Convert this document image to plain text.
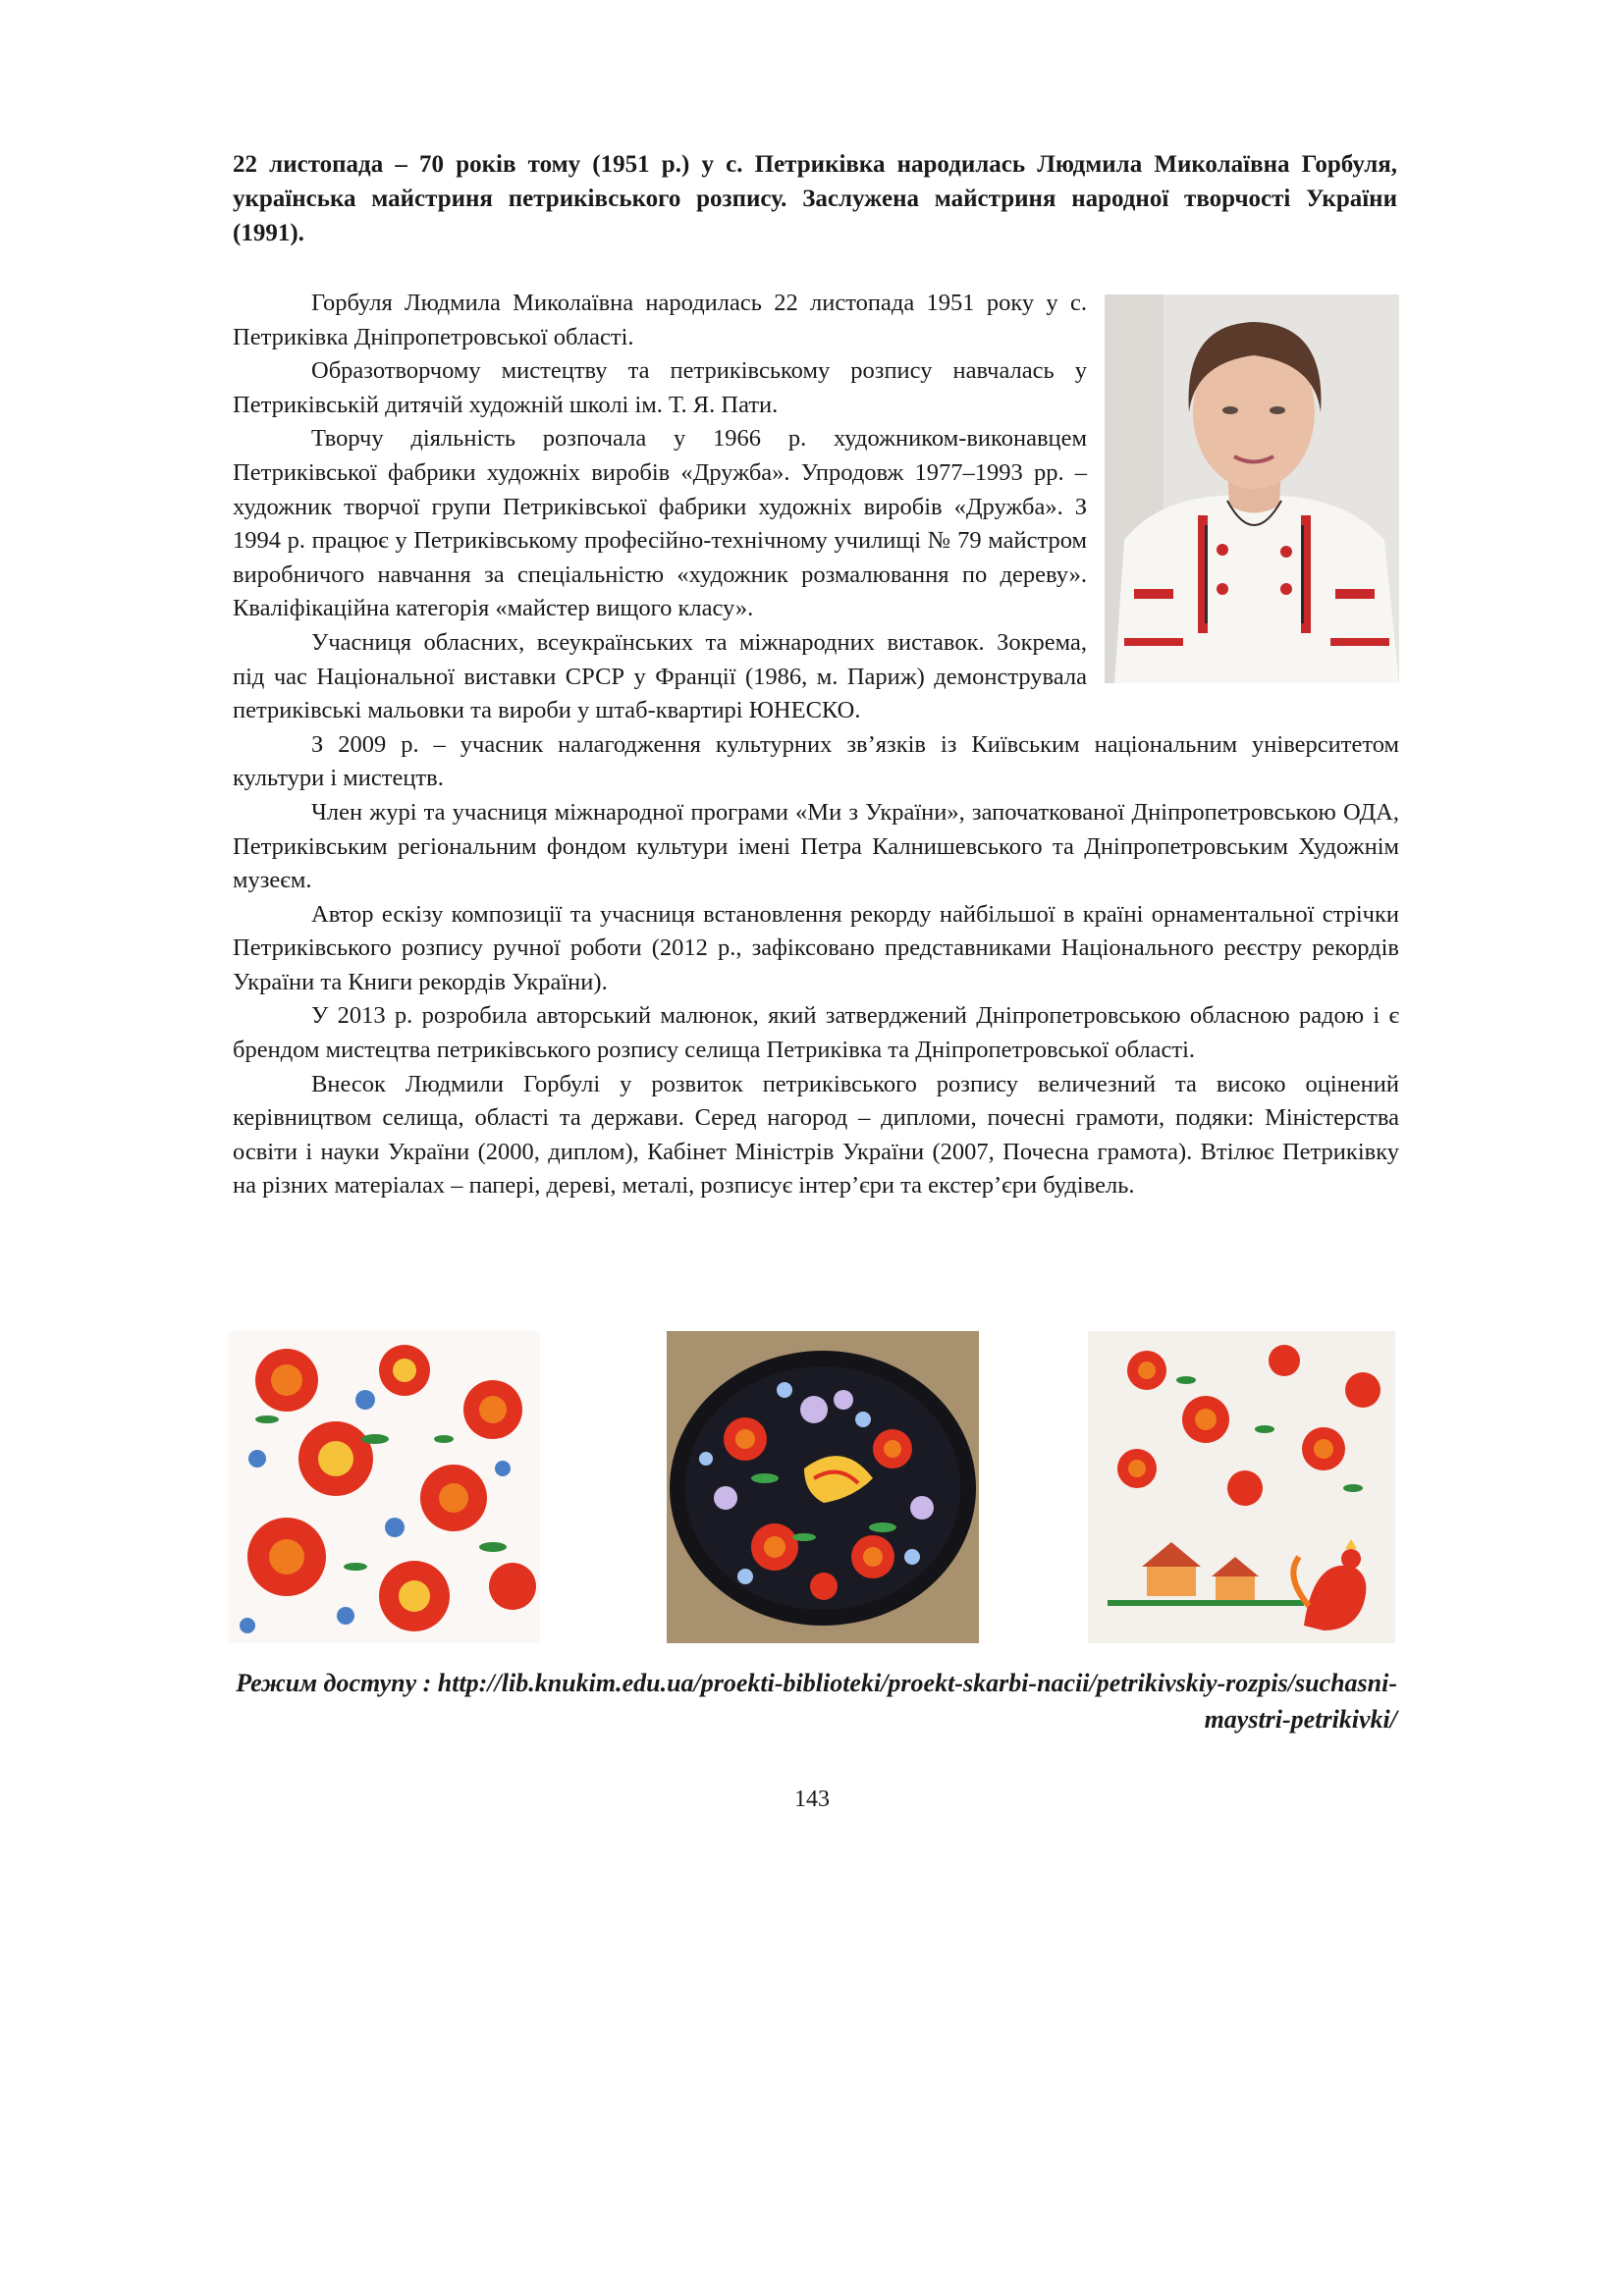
22 листопада – 70 років тому (1951 р.) у с. Петриківка народилась Людмила Миколаївна Горбуля, українська майстриня петриківського розпису. Заслужена майстриня народної творчості України (1991).

Горбуля Людмила Миколаївна народилась 22 листопада 1951 року у с. Петриківка Дніпропетровської області.

Образотворчому мистецтву та петриківському розпису навчалась у Петриківській дитячій художній школі ім. Т. Я. Пати.

Творчу діяльність розпочала у 1966 р. художником-виконавцем Петриківської фабрики художніх виробів «Дружба». Упродовж 1977–1993 рр. – художник творчої групи Петриківської фабрики художніх виробів «Дружба». З 1994 р. працює у Петриківському професійно-технічному училищі № 79 майстром виробничого навчання за спеціальністю «художник розмалювання по дереву». Кваліфікаційна категорія «майстер вищого класу».

Учасниця обласних, всеукраїнських та міжнародних виставок. Зокрема, під час Національної виставки СРСР у Франції (1986, м. Париж) демонструвала петриківські мальовки та вироби у штаб-квартирі ЮНЕСКО.

З 2009 р. – учасник налагодження культурних зв’язків із Київським національним університетом культури і мистецтв.

Член журі та учасниця міжнародної програми «Ми з України», започаткованої Дніпропетровською ОДА, Петриківським регіональним фондом культури імені Петра Калнишевського та Дніпропетровським Художнім музеєм.

Автор ескізу композиції та учасниця встановлення рекорду найбільшої в країні орнаментальної стрічки Петриківського розпису ручної роботи (2012 р., зафіксовано представниками Національного реєстру рекордів України та Книги рекордів України).

У 2013 р. розробила авторський малюнок, який затверджений Дніпропетровською обласною радою і є брендом мистецтва петриківського розпису селища Петриківка та Дніпропетровської області.

Внесок Людмили Горбулі у розвиток петриківського розпису величезний та високо оцінений керівництвом селища, області та держави. Серед нагород – дипломи, почесні грамоти, подяки: Міністерства освіти і науки України (2000, диплом), Кабінет Міністрів України (2007, Почесна грамота). Втілює Петриківку на різних матеріалах – папері, дереві, металі, розписує інтер’єри та екстер’єри будівель.

Режим доступу : http://lib.knukim.edu.ua/proekti-biblioteki/proekt-skarbi-nacii/petrikivskiy-rozpis/suchasni-maystri-petrikivki/

143
